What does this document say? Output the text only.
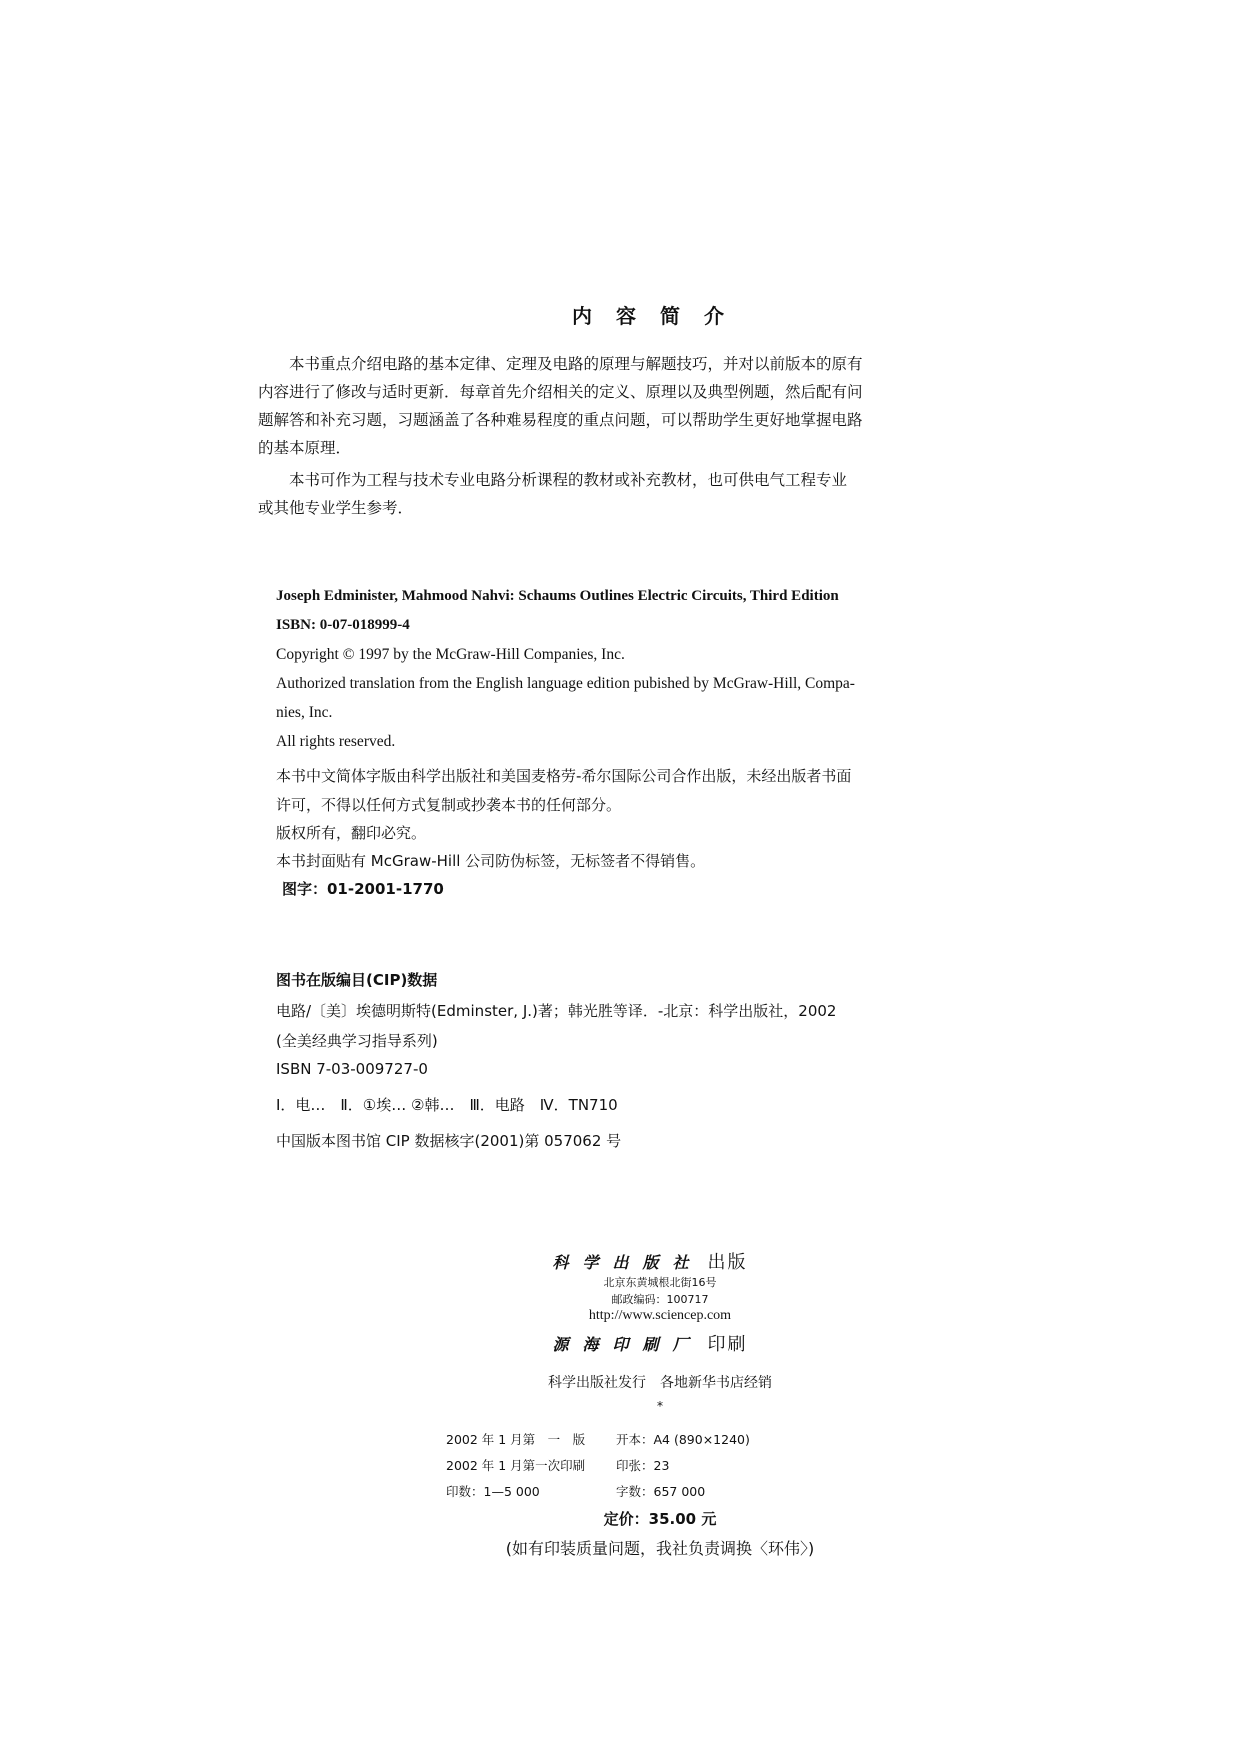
内容简介
　　本书重点介绍电路的基本定律、定理及电路的原理与解题技巧，并对以前版本的原有
内容进行了修改与适时更新．每章首先介绍相关的定义、原理以及典型例题，然后配有问
题解答和补充习题，习题涵盖了各种难易程度的重点问题，可以帮助学生更好地掌握电路
的基本原理．
　　本书可作为工程与技术专业电路分析课程的教材或补充教材，也可供电气工程专业
或其他专业学生参考．
Joseph Edminister, Mahmood Nahvi: Schaums Outlines Electric Circuits, Third Edition
ISBN: 0-07-018999-4
Copyright © 1997 by the McGraw-Hill Companies, Inc.
Authorized translation from the English language edition pubished by McGraw-Hill, Compa-
nies, Inc.
All rights reserved.
本书中文简体字版由科学出版社和美国麦格劳-希尔国际公司合作出版，未经出版者书面
许可，不得以任何方式复制或抄袭本书的任何部分。
版权所有，翻印必究。
本书封面贴有 McGraw-Hill 公司防伪标签，无标签者不得销售。
图字：01-2001-1770
图书在版编目(CIP)数据
电路/〔美〕埃德明斯特(Edminster, J.)著；韩光胜等译．-北京：科学出版社，2002
(全美经典学习指导系列)
ISBN 7-03-009727-0
Ⅰ．电…　Ⅱ．①埃… ②韩…　Ⅲ．电路　Ⅳ．TN710
中国版本图书馆 CIP 数据核字(2001)第 057062 号
科学出版社 出版
北京东黄城根北街16号
邮政编码：100717
http://www.sciencep.com
源海印刷厂 印刷
科学出版社发行　各地新华书店经销
*
2002 年 1 月第　一　版 开本：A4 (890×1240)
2002 年 1 月第一次印刷 印张：23
印数：1—5 000	字数：657 000
定价：35.00 元
(如有印装质量问题，我社负责调换〈环伟〉)
